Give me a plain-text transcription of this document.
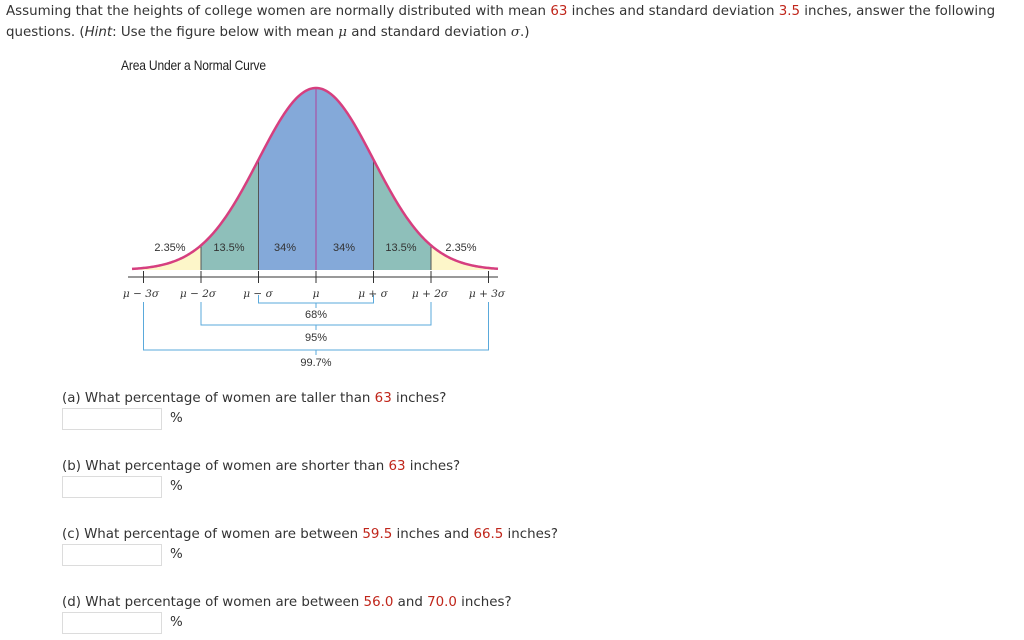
Assuming that the heights of college women are normally distributed with mean 63 inches and standard deviation 3.5 inches, answer the following questions. (Hint: Use the figure below with mean μ and standard deviation σ.)

Area Under a Normal Curve
2.35%	13.5%	34%	34%	13.5%	2.35%
μ − 3σ μ − 2σ	μ − σ	μ	μ + σ μ + 2σ μ + 3σ
68%
95%
99.7%

(a) What percentage of women are taller than 63 inches?

%

(b) What percentage of women are shorter than 63 inches?

%

(c) What percentage of women are between 59.5 inches and 66.5 inches?

%

(d) What percentage of women are between 56.0 and 70.0 inches?

%
